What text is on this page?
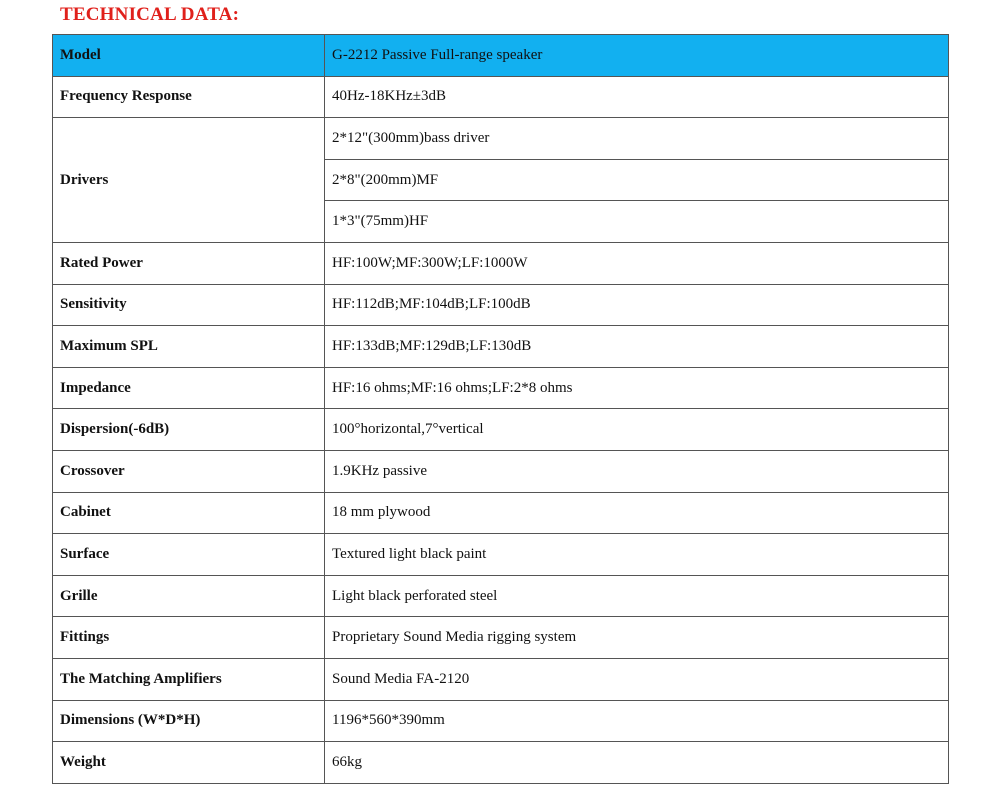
TECHNICAL DATA:
Model	G-2212 Passive Full-range speaker
Frequency Response	40Hz-18KHz±3dB
Drivers	2*12"(300mm)bass driver
	2*8"(200mm)MF
	1*3"(75mm)HF
Rated Power	HF:100W;MF:300W;LF:1000W
Sensitivity	HF:112dB;MF:104dB;LF:100dB
Maximum SPL	HF:133dB;MF:129dB;LF:130dB
Impedance	HF:16 ohms;MF:16 ohms;LF:2*8 ohms
Dispersion(-6dB)	100°horizontal,7°vertical
Crossover	1.9KHz passive
Cabinet	18 mm plywood
Surface	Textured light black paint
Grille	Light black perforated steel
Fittings	Proprietary Sound Media rigging system
The Matching Amplifiers	Sound Media FA-2120
Dimensions (W*D*H)	1196*560*390mm
Weight	66kg
